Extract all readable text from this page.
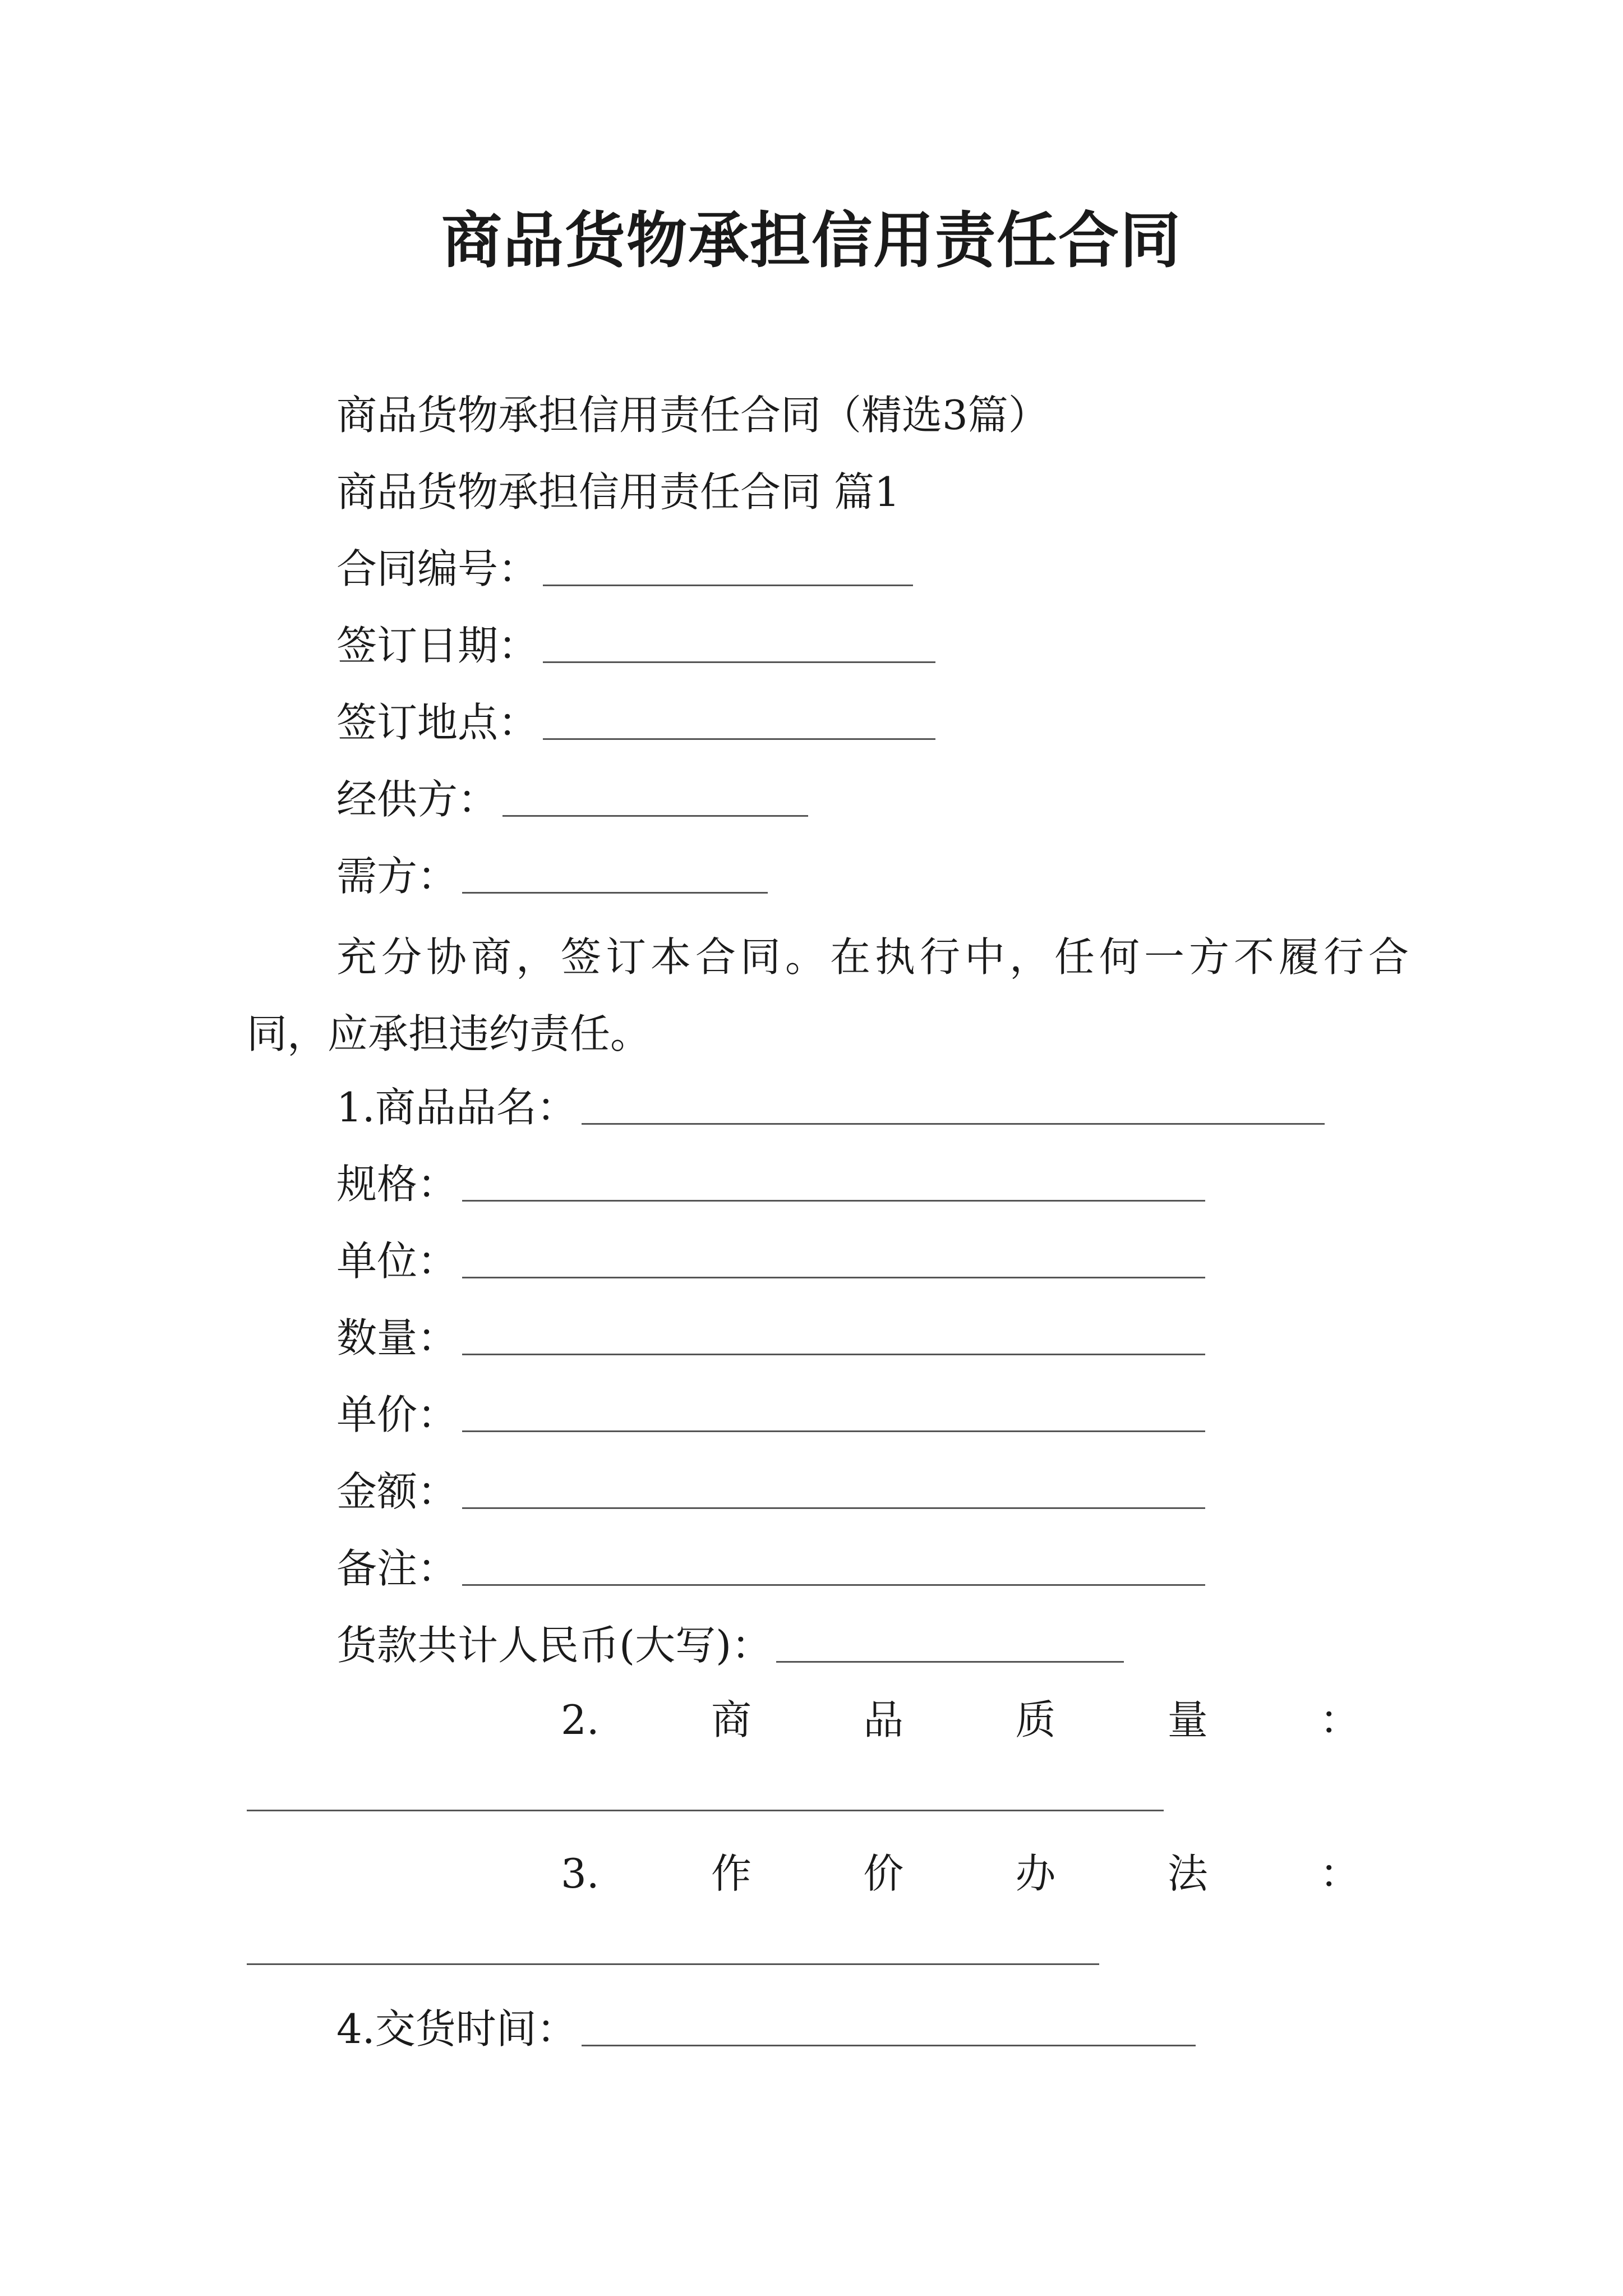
商品货物承担信用责任合同
商品货物承担信用责任合同（精选3篇）
商品货物承担信用责任合同 篇1
合同编号：
签订日期：
签订地点：
经供方：
需方：
充分协商，签订本合同。在执行中，任何一方不履行合
同，应承担违约责任。
1.商品品名：
规格：
单位：
数量：
单价：
金额：
备注：
货款共计人民币(大写)：
2.	商	品	质	量	：
3.	作	价	办	法	：
4.交货时间：
